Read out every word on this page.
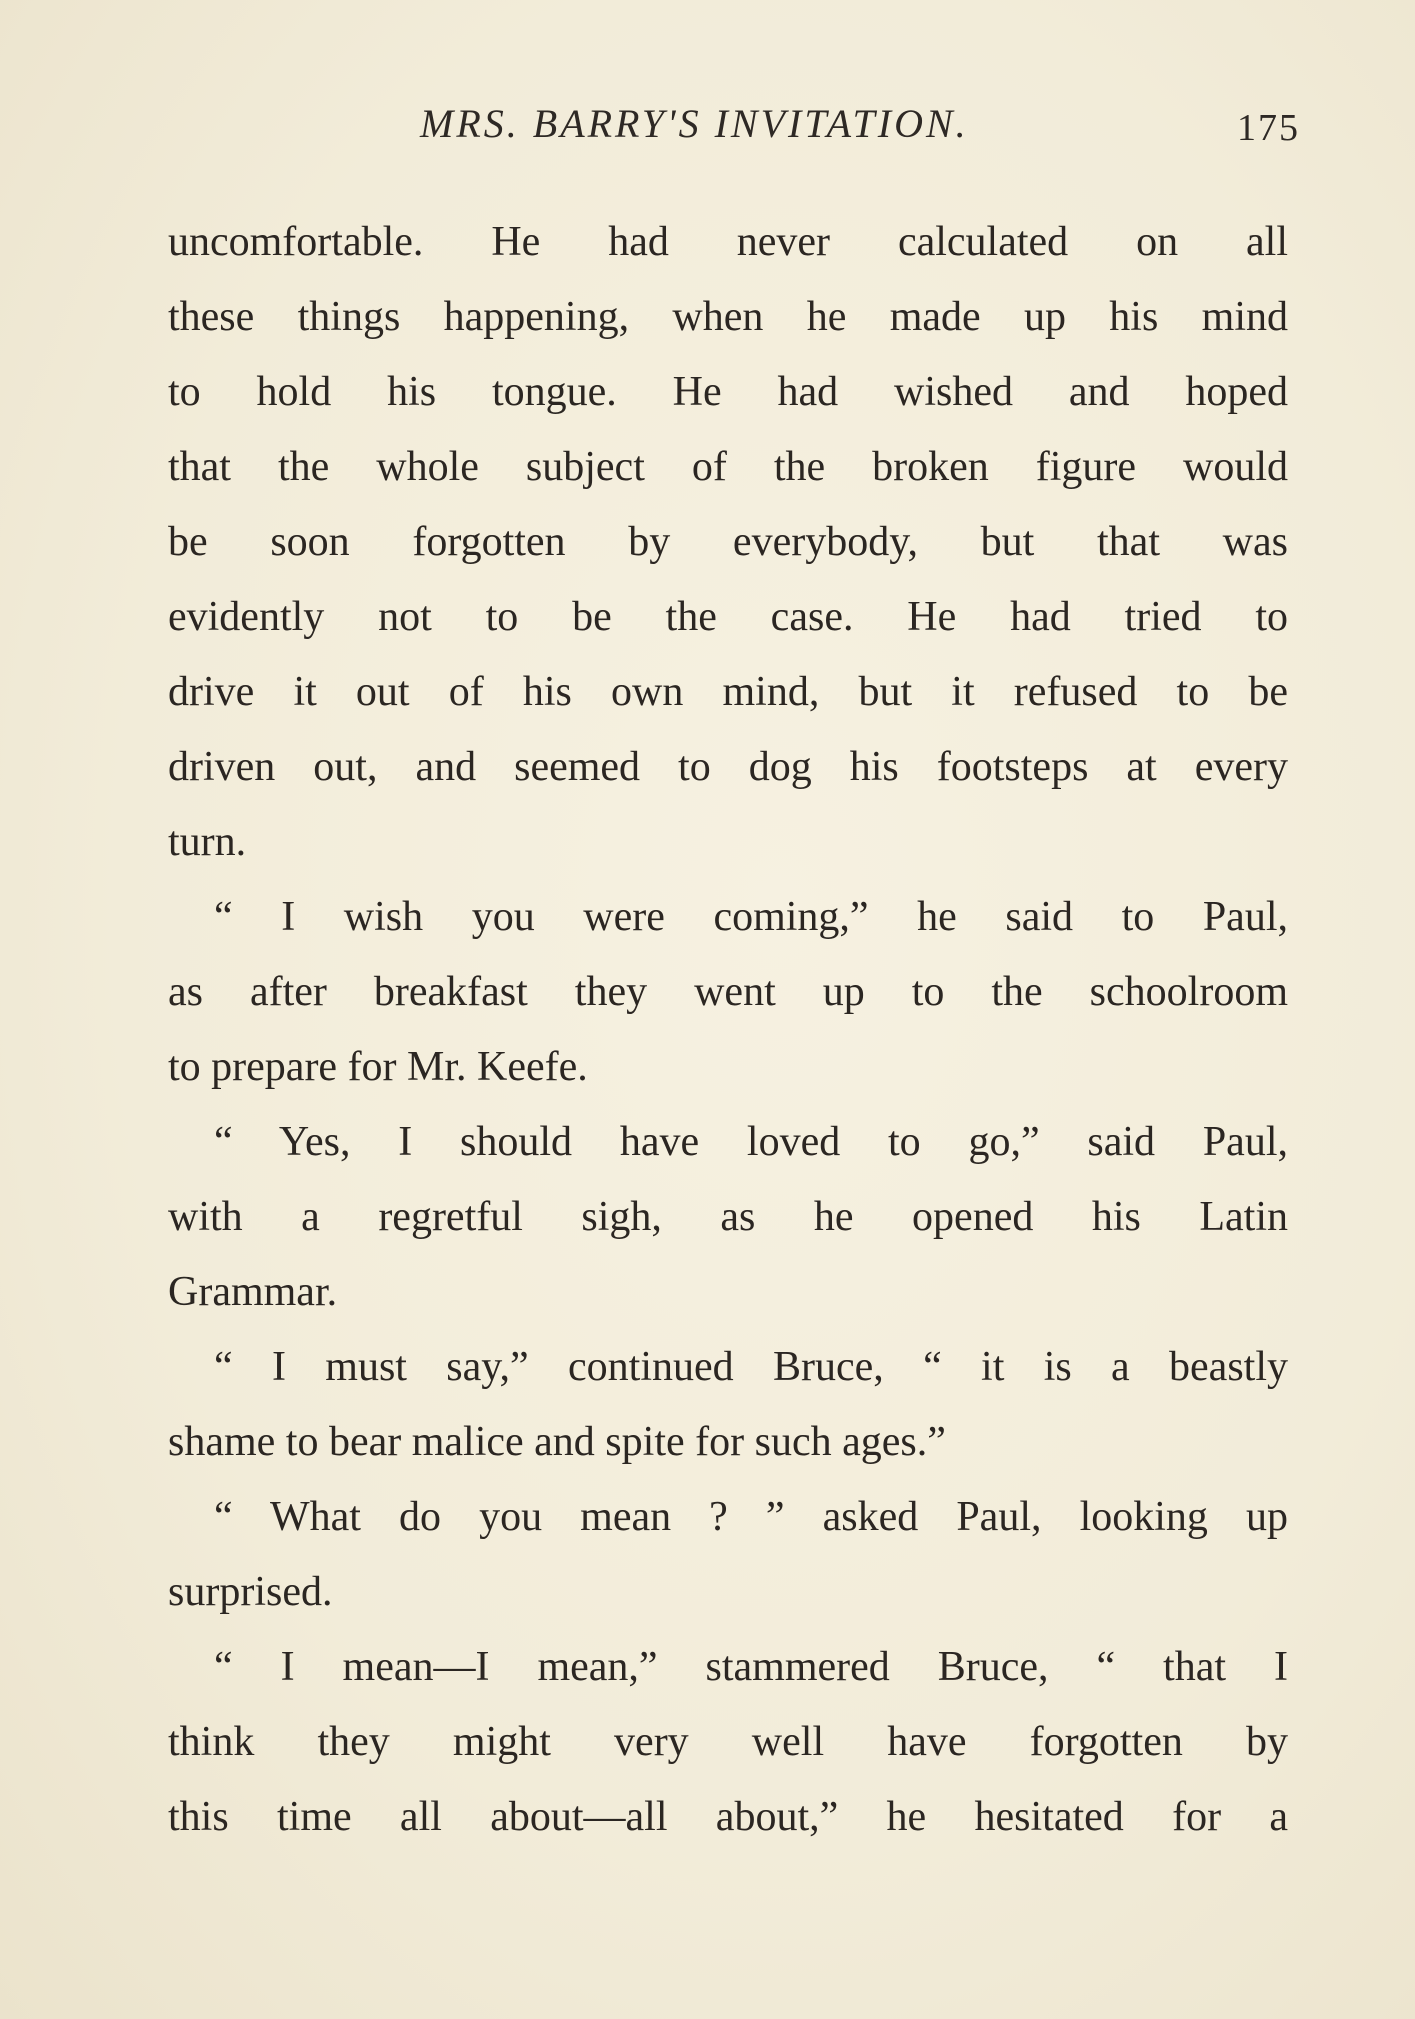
MRS. BARRY'S INVITATION.	175
uncomfortable. He had never calculated on all
these things happening, when he made up his mind
to hold his tongue. He had wished and hoped
that the whole subject of the broken figure would
be soon forgotten by everybody, but that was
evidently not to be the case. He had tried to
drive it out of his own mind, but it refused to be
driven out, and seemed to dog his footsteps at every
turn.
“ I wish you were coming,” he said to Paul,
as after breakfast they went up to the schoolroom
to prepare for Mr. Keefe.
“ Yes, I should have loved to go,” said Paul,
with a regretful sigh, as he opened his Latin
Grammar.
“ I must say,” continued Bruce, “ it is a beastly
shame to bear malice and spite for such ages.”
“ What do you mean ? ” asked Paul, looking up
surprised.
“ I mean—I mean,” stammered Bruce, “ that I
think they might very well have forgotten by
this time all about—all about,” he hesitated for a
